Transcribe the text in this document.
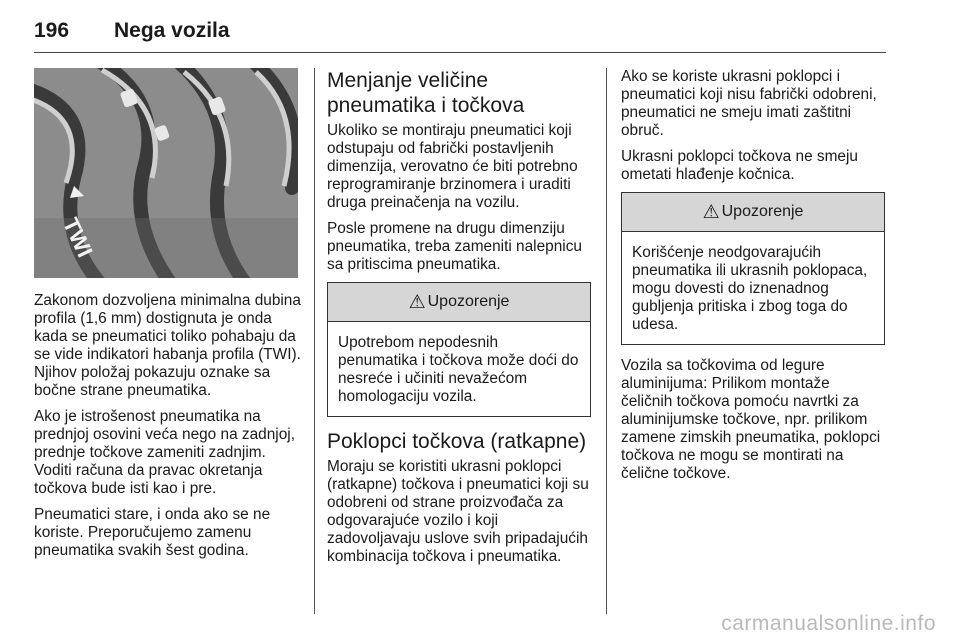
196 Nega vozila
TWI

Zakonom dozvoljena minimalna dubina profila (1,6 mm) dostignuta je onda kada se pneumatici toliko pohabaju da se vide indikatori habanja profila (TWI). Njihov položaj pokazuju oznake sa bočne strane pneumatika.

Ako je istrošenost pneumatika na prednjoj osovini veća nego na zadnjoj, prednje točkove zameniti zadnjim. Voditi računa da pravac okretanja točkova bude isti kao i pre.

Pneumatici stare, i onda ako se ne koriste. Preporučujemo zamenu pneumatika svakih šest godina.

Menjanje veličine pneumatika i točkova

Ukoliko se montiraju pneumatici koji odstupaju od fabrički postavljenih dimenzija, verovatno će biti potrebno reprogramiranje brzinomera i uraditi druga preinačenja na vozilu.

Posle promene na drugu dimenziju pneumatika, treba zameniti nalepnicu sa pritiscima pneumatika.

⚠ Upozorenje
Upotrebom nepodesnih penumatika i točkova može doći do nesreće i učiniti nevažećom homologaciju vozila.
Poklopci točkova (ratkapne)

Moraju se koristiti ukrasni poklopci (ratkapne) točkova i pneumatici koji su odobreni od strane proizvođača za odgovarajuće vozilo i koji zadovoljavaju uslove svih pripadajućih kombinacija točkova i pneumatika.

Ako se koriste ukrasni poklopci i pneumatici koji nisu fabrički odobreni, pneumatici ne smeju imati zaštitni obruč.

Ukrasni poklopci točkova ne smeju ometati hlađenje kočnica.

⚠ Upozorenje
Korišćenje neodgovarajućih pneumatika ili ukrasnih poklopaca, mogu dovesti do iznenadnog gubljenja pritiska i zbog toga do udesa.

Vozila sa točkovima od legure aluminijuma: Prilikom montaže čeličnih točkova pomoću navrtki za aluminijumske točkove, npr. prilikom zamene zimskih pneumatika, poklopci točkova ne mogu se montirati na čelične točkove.

carmanualsonline.info
